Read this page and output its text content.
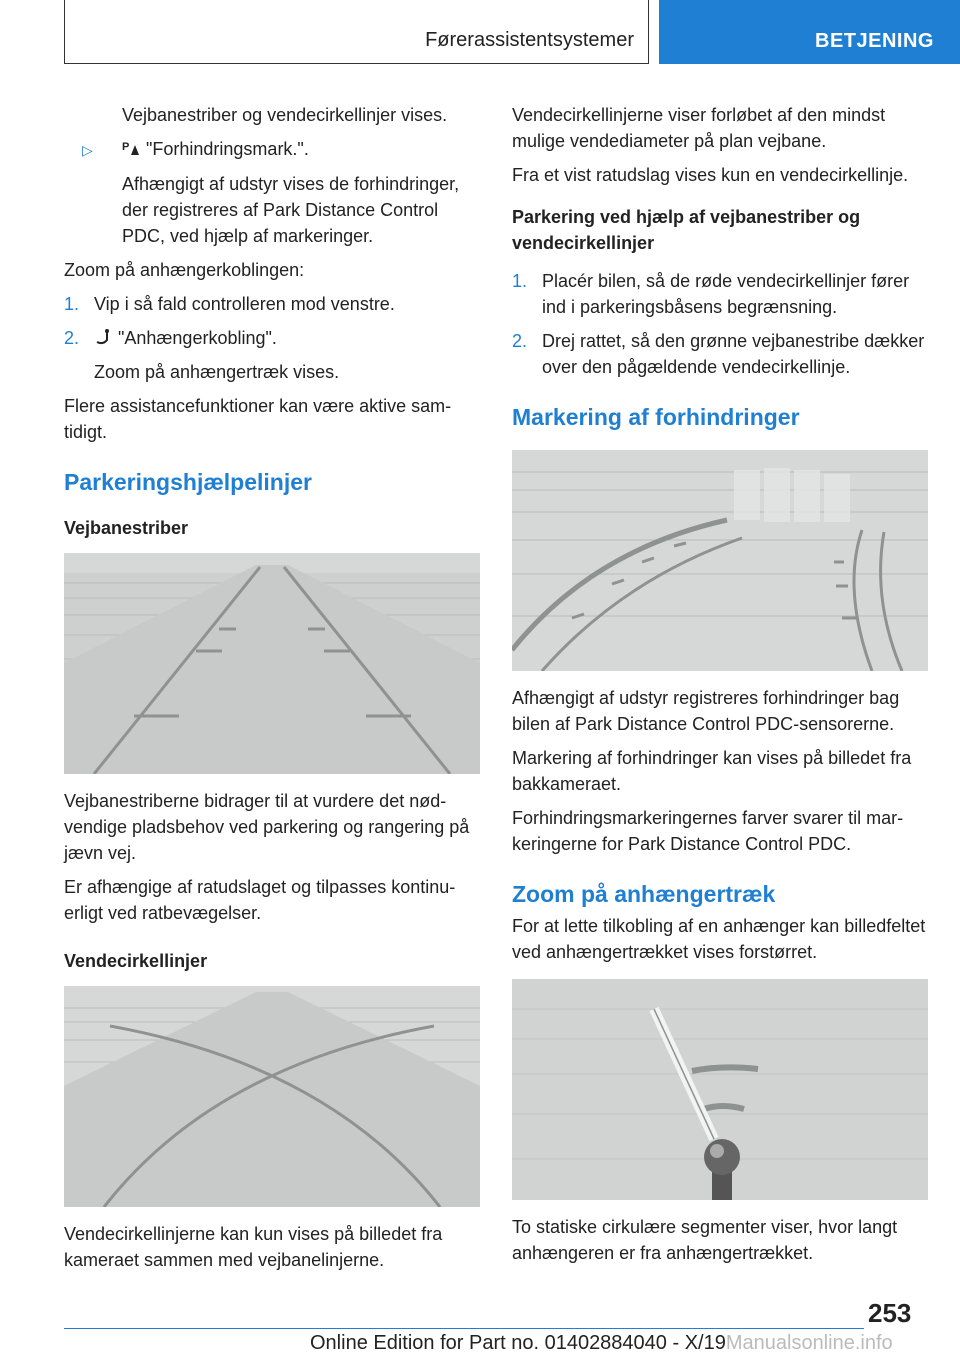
Førerassistentsystemer	BETJENING

Vejbanestriber og vendecirkellinjer vises.

▷	P "Forhindringsmark.".

Afhængigt af udstyr vises de forhindringer, der registreres af Park Distance Control PDC, ved hjælp af markeringer.

Zoom på anhængerkoblingen:

1. Vip i så fald controlleren mod venstre.
2. "Anhængerkobling".

Zoom på anhængertræk vises.

Flere assistancefunktioner kan være aktive samtidigt.

Parkeringshjælpelinjer
Vejbanestriber

Vejbanestriberne bidrager til at vurdere det nødvendige pladsbehov ved parkering og rangering på jævn vej.

Er afhængige af ratudslaget og tilpasses kontinuerligt ved ratbevægelser.

Vendecirkellinjer

Vendecirkellinjerne kan kun vises på billedet fra kameraet sammen med vejbanelinjerne.

Vendecirkellinjerne viser forløbet af den mindst mulige vendediameter på plan vejbane.

Fra et vist ratudslag vises kun en vendecirkellinje.

Parkering ved hjælp af vejbanestriber og vendecirkellinjer
1. Placér bilen, så de røde vendecirkellinjer fører ind i parkeringsbåsens begrænsning.
2. Drej rattet, så den grønne vejbanestribe dækker over den pågældende vendecirkellinje.
Markering af forhindringer

Afhængigt af udstyr registreres forhindringer bag bilen af Park Distance Control PDC-sensorerne.

Markering af forhindringer kan vises på billedet fra bakkameraet.

Forhindringsmarkeringernes farver svarer til markeringerne for Park Distance Control PDC.

Zoom på anhængertræk

For at lette tilkobling af en anhænger kan billedfeltet ved anhængertrækket vises forstørret.

To statiske cirkulære segmenter viser, hvor langt anhængeren er fra anhængertrækket.

253
Online Edition for Part no. 01402884040 - X/19Manualsonline.info
